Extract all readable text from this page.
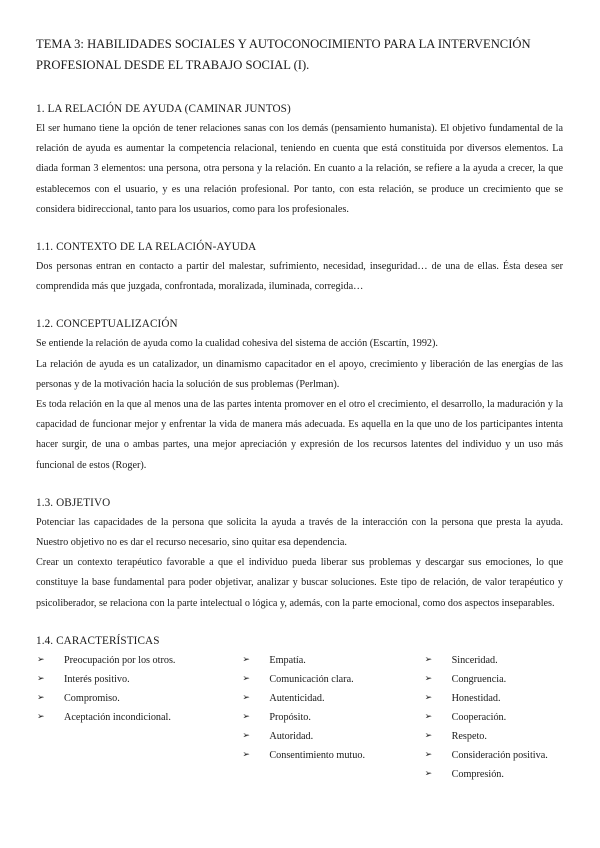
TEMA 3: HABILIDADES SOCIALES Y AUTOCONOCIMIENTO PARA LA INTERVENCIÓN
PROFESIONAL DESDE EL TRABAJO SOCIAL (I).
1. LA RELACIÓN DE AYUDA (CAMINAR JUNTOS)

El ser humano tiene la opción de tener relaciones sanas con los demás (pensamiento humanista). El objetivo fundamental de la relación de ayuda es aumentar la competencia relacional, teniendo en cuenta que está constituida por diversos elementos. La diada forman 3 elementos: una persona, otra persona y la relación. En cuanto a la relación, se refiere a la ayuda a crecer, la que establecemos con el usuario, y es una relación profesional. Por tanto, con esta relación, se produce un crecimiento que se considera bidireccional, tanto para los usuarios, como para los profesionales.

1.1. CONTEXTO DE LA RELACIÓN-AYUDA

Dos personas entran en contacto a partir del malestar, sufrimiento, necesidad, inseguridad… de una de ellas. Ésta desea ser comprendida más que juzgada, confrontada, moralizada, iluminada, corregida…

1.2. CONCEPTUALIZACIÓN

Se entiende la relación de ayuda como la cualidad cohesiva del sistema de acción (Escartín, 1992).

La relación de ayuda es un catalizador, un dinamismo capacitador en el apoyo, crecimiento y liberación de las energías de las personas y de la motivación hacia la solución de sus problemas (Perlman).

Es toda relación en la que al menos una de las partes intenta promover en el otro el crecimiento, el desarrollo, la maduración y la capacidad de funcionar mejor y enfrentar la vida de manera más adecuada. Es aquella en la que uno de los participantes intenta hacer surgir, de una o ambas partes, una mejor apreciación y expresión de los recursos latentes del individuo y un uso más funcional de estos (Roger).

1.3. OBJETIVO

Potenciar las capacidades de la persona que solicita la ayuda a través de la interacción con la persona que presta la ayuda. Nuestro objetivo no es dar el recurso necesario, sino quitar esa dependencia.

Crear un contexto terapéutico favorable a que el individuo pueda liberar sus problemas y descargar sus emociones, lo que constituye la base fundamental para poder objetivar, analizar y buscar soluciones. Este tipo de relación, de valor terapéutico y psicoliberador, se relaciona con la parte intelectual o lógica y, además, con la parte emocional, como dos aspectos inseparables.

1.4. CARACTERÍSTICAS
➢	Preocupación por los otros.
➢	Interés positivo.
➢	Compromiso.
➢	Aceptación incondicional.
➢	Empatía.
➢	Comunicación clara.
➢	Autenticidad.
➢	Propósito.
➢	Autoridad.
➢	Consentimiento mutuo.
➢	Sinceridad.
➢	Congruencia.
➢	Honestidad.
➢	Cooperación.
➢	Respeto.
➢	Consideración positiva.
➢	Compresión.
